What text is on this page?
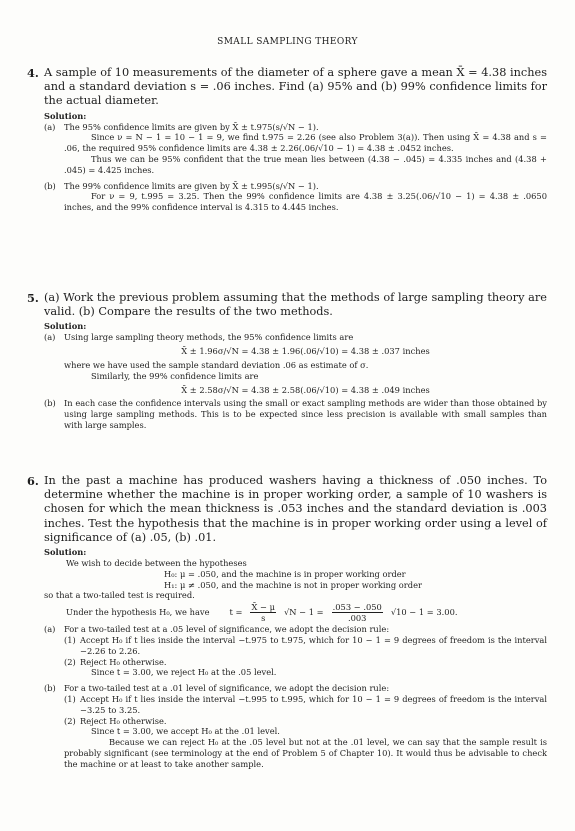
SMALL SAMPLING THEORY
4. A sample of 10 measurements of the diameter of a sphere gave a mean X̄ = 4.38 inches and a standard deviation s = .06 inches. Find (a) 95% and (b) 99% confidence limits for the actual diameter.
Solution:
(a) The 95% confidence limits are given by X̄ ± t.975(s/√N − 1).
Since ν = N − 1 = 10 − 1 = 9, we find t.975 = 2.26 (see also Problem 3(a)). Then using X̄ = 4.38 and s = .06, the required 95% confidence limits are 4.38 ± 2.26(.06/√10 − 1) = 4.38 ± .0452 inches.
Thus we can be 95% confident that the true mean lies between (4.38 − .045) = 4.335 inches and (4.38 + .045) = 4.425 inches.
(b) The 99% confidence limits are given by X̄ ± t.995(s/√N − 1).
For ν = 9, t.995 = 3.25. Then the 99% confidence limits are 4.38 ± 3.25(.06/√10 − 1) = 4.38 ± .0650 inches, and the 99% confidence interval is 4.315 to 4.445 inches.
5. (a) Work the previous problem assuming that the methods of large sampling theory are valid. (b) Compare the results of the two methods.
Solution:
(a) Using large sampling theory methods, the 95% confidence limits are
X̄ ± 1.96σ/√N = 4.38 ± 1.96(.06/√10) = 4.38 ± .037 inches
where we have used the sample standard deviation .06 as estimate of σ.
Similarly, the 99% confidence limits are
X̄ ± 2.58σ/√N = 4.38 ± 2.58(.06/√10) = 4.38 ± .049 inches
(b) In each case the confidence intervals using the small or exact sampling methods are wider than those obtained by using large sampling methods. This is to be expected since less precision is available with small samples than with large samples.
6. In the past a machine has produced washers having a thickness of .050 inches. To determine whether the machine is in proper working order, a sample of 10 washers is chosen for which the mean thickness is .053 inches and the standard deviation is .003 inches. Test the hypothesis that the machine is in proper working order using a level of significance of (a) .05, (b) .01.
Solution:
We wish to decide between the hypotheses
H₀: μ = .050, and the machine is in proper working order
H₁: μ ≠ .050, and the machine is not in proper working order
so that a two-tailed test is required.
Under the hypothesis H₀, we have $t = \frac{X̄ - \mu}{s} √N - 1 = \frac{.053 - .050}{.003} √10 - 1 = 3.00$.
(a) For a two-tailed test at a .05 level of significance, we adopt the decision rule:
(1) Accept H₀ if t lies inside the interval −t.975 to t.975, which for 10 − 1 = 9 degrees of freedom is the interval −2.26 to 2.26.
(2) Reject H₀ otherwise.
Since t = 3.00, we reject H₀ at the .05 level.
(b) For a two-tailed test at a .01 level of significance, we adopt the decision rule:
(1) Accept H₀ if t lies inside the interval −t.995 to t.995, which for 10 − 1 = 9 degrees of freedom is the interval −3.25 to 3.25.
(2) Reject H₀ otherwise.
Since t = 3.00, we accept H₀ at the .01 level.
Because we can reject H₀ at the .05 level but not at the .01 level, we can say that the sample result is probably significant (see terminology at the end of Problem 5 of Chapter 10). It would thus be advisable to check the machine or at least to take another sample.
